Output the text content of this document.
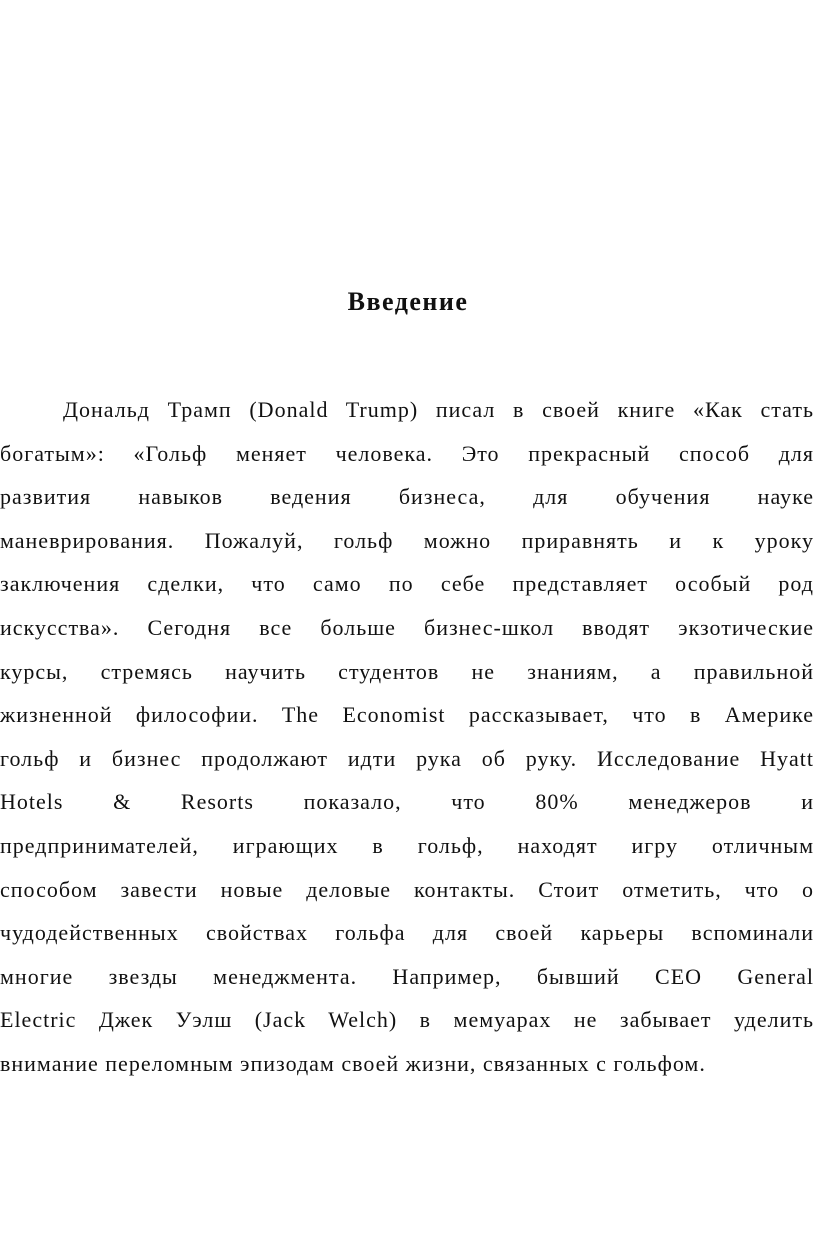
Введение
Дональд Трамп (Donald Trump) писал в своей книге «Как стать
богатым»: «Гольф меняет человека. Это прекрасный способ для
развития навыков ведения бизнеса, для обучения науке
маневрирования. Пожалуй, гольф можно приравнять и к уроку
заключения сделки, что само по себе представляет особый род
искусства». Сегодня все больше бизнес-школ вводят экзотические
курсы, стремясь научить студентов не знаниям, а правильной
жизненной философии. The Economist рассказывает, что в Америке
гольф и бизнес продолжают идти рука об руку. Исследование Hyatt
Hotels & Resorts показало, что 80% менеджеров и
предпринимателей, играющих в гольф, находят игру отличным
способом завести новые деловые контакты. Стоит отметить, что о
чудодейственных свойствах гольфа для своей карьеры вспоминали
многие звезды менеджмента. Например, бывший CEO General
Electric Джек Уэлш (Jack Welch) в мемуарах не забывает уделить
внимание переломным эпизодам своей жизни, связанных с гольфом.
